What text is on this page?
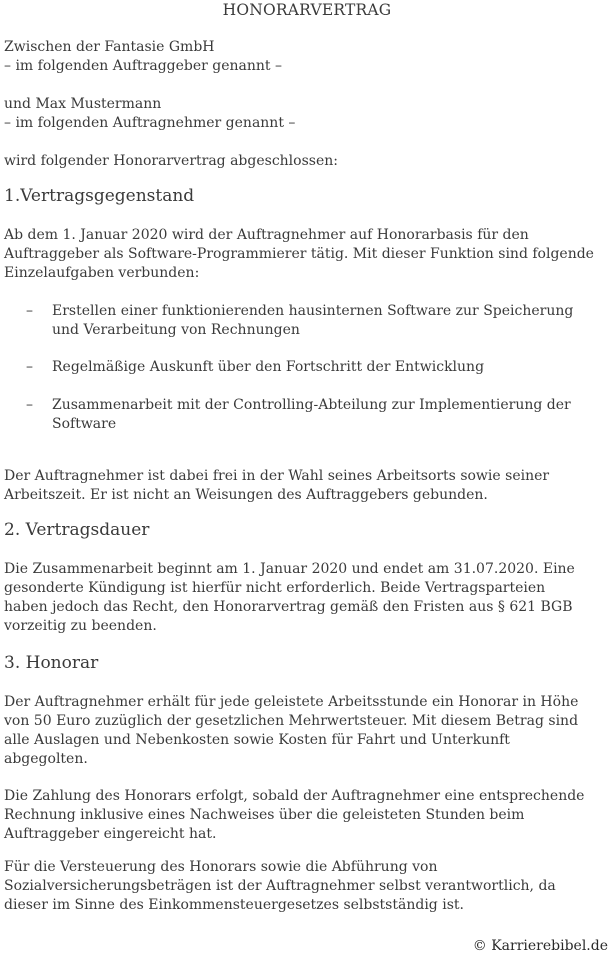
HONORARVERTRAG
Zwischen der Fantasie GmbH
– im folgenden Auftraggeber genannt –
und Max Mustermann
– im folgenden Auftragnehmer genannt –
wird folgender Honorarvertrag abgeschlossen:
1.Vertragsgegenstand
Ab dem 1. Januar 2020 wird der Auftragnehmer auf Honorarbasis für den
Auftraggeber als Software-Programmierer tätig. Mit dieser Funktion sind folgende
Einzelaufgaben verbunden:
– Erstellen einer funktionierenden hausinternen Software zur Speicherung
und Verarbeitung von Rechnungen
– Regelmäßige Auskunft über den Fortschritt der Entwicklung
– Zusammenarbeit mit der Controlling-Abteilung zur Implementierung der
Software
Der Auftragnehmer ist dabei frei in der Wahl seines Arbeitsorts sowie seiner
Arbeitszeit. Er ist nicht an Weisungen des Auftraggebers gebunden.
2. Vertragsdauer
Die Zusammenarbeit beginnt am 1. Januar 2020 und endet am 31.07.2020. Eine
gesonderte Kündigung ist hierfür nicht erforderlich. Beide Vertragsparteien
haben jedoch das Recht, den Honorarvertrag gemäß den Fristen aus § 621 BGB
vorzeitig zu beenden.
3. Honorar
Der Auftragnehmer erhält für jede geleistete Arbeitsstunde ein Honorar in Höhe
von 50 Euro zuzüglich der gesetzlichen Mehrwertsteuer. Mit diesem Betrag sind
alle Auslagen und Nebenkosten sowie Kosten für Fahrt und Unterkunft
abgegolten.
Die Zahlung des Honorars erfolgt, sobald der Auftragnehmer eine entsprechende
Rechnung inklusive eines Nachweises über die geleisteten Stunden beim
Auftraggeber eingereicht hat.
Für die Versteuerung des Honorars sowie die Abführung von
Sozialversicherungsbeträgen ist der Auftragnehmer selbst verantwortlich, da
dieser im Sinne des Einkommensteuergesetzes selbstständig ist.
© Karrierebibel.de
